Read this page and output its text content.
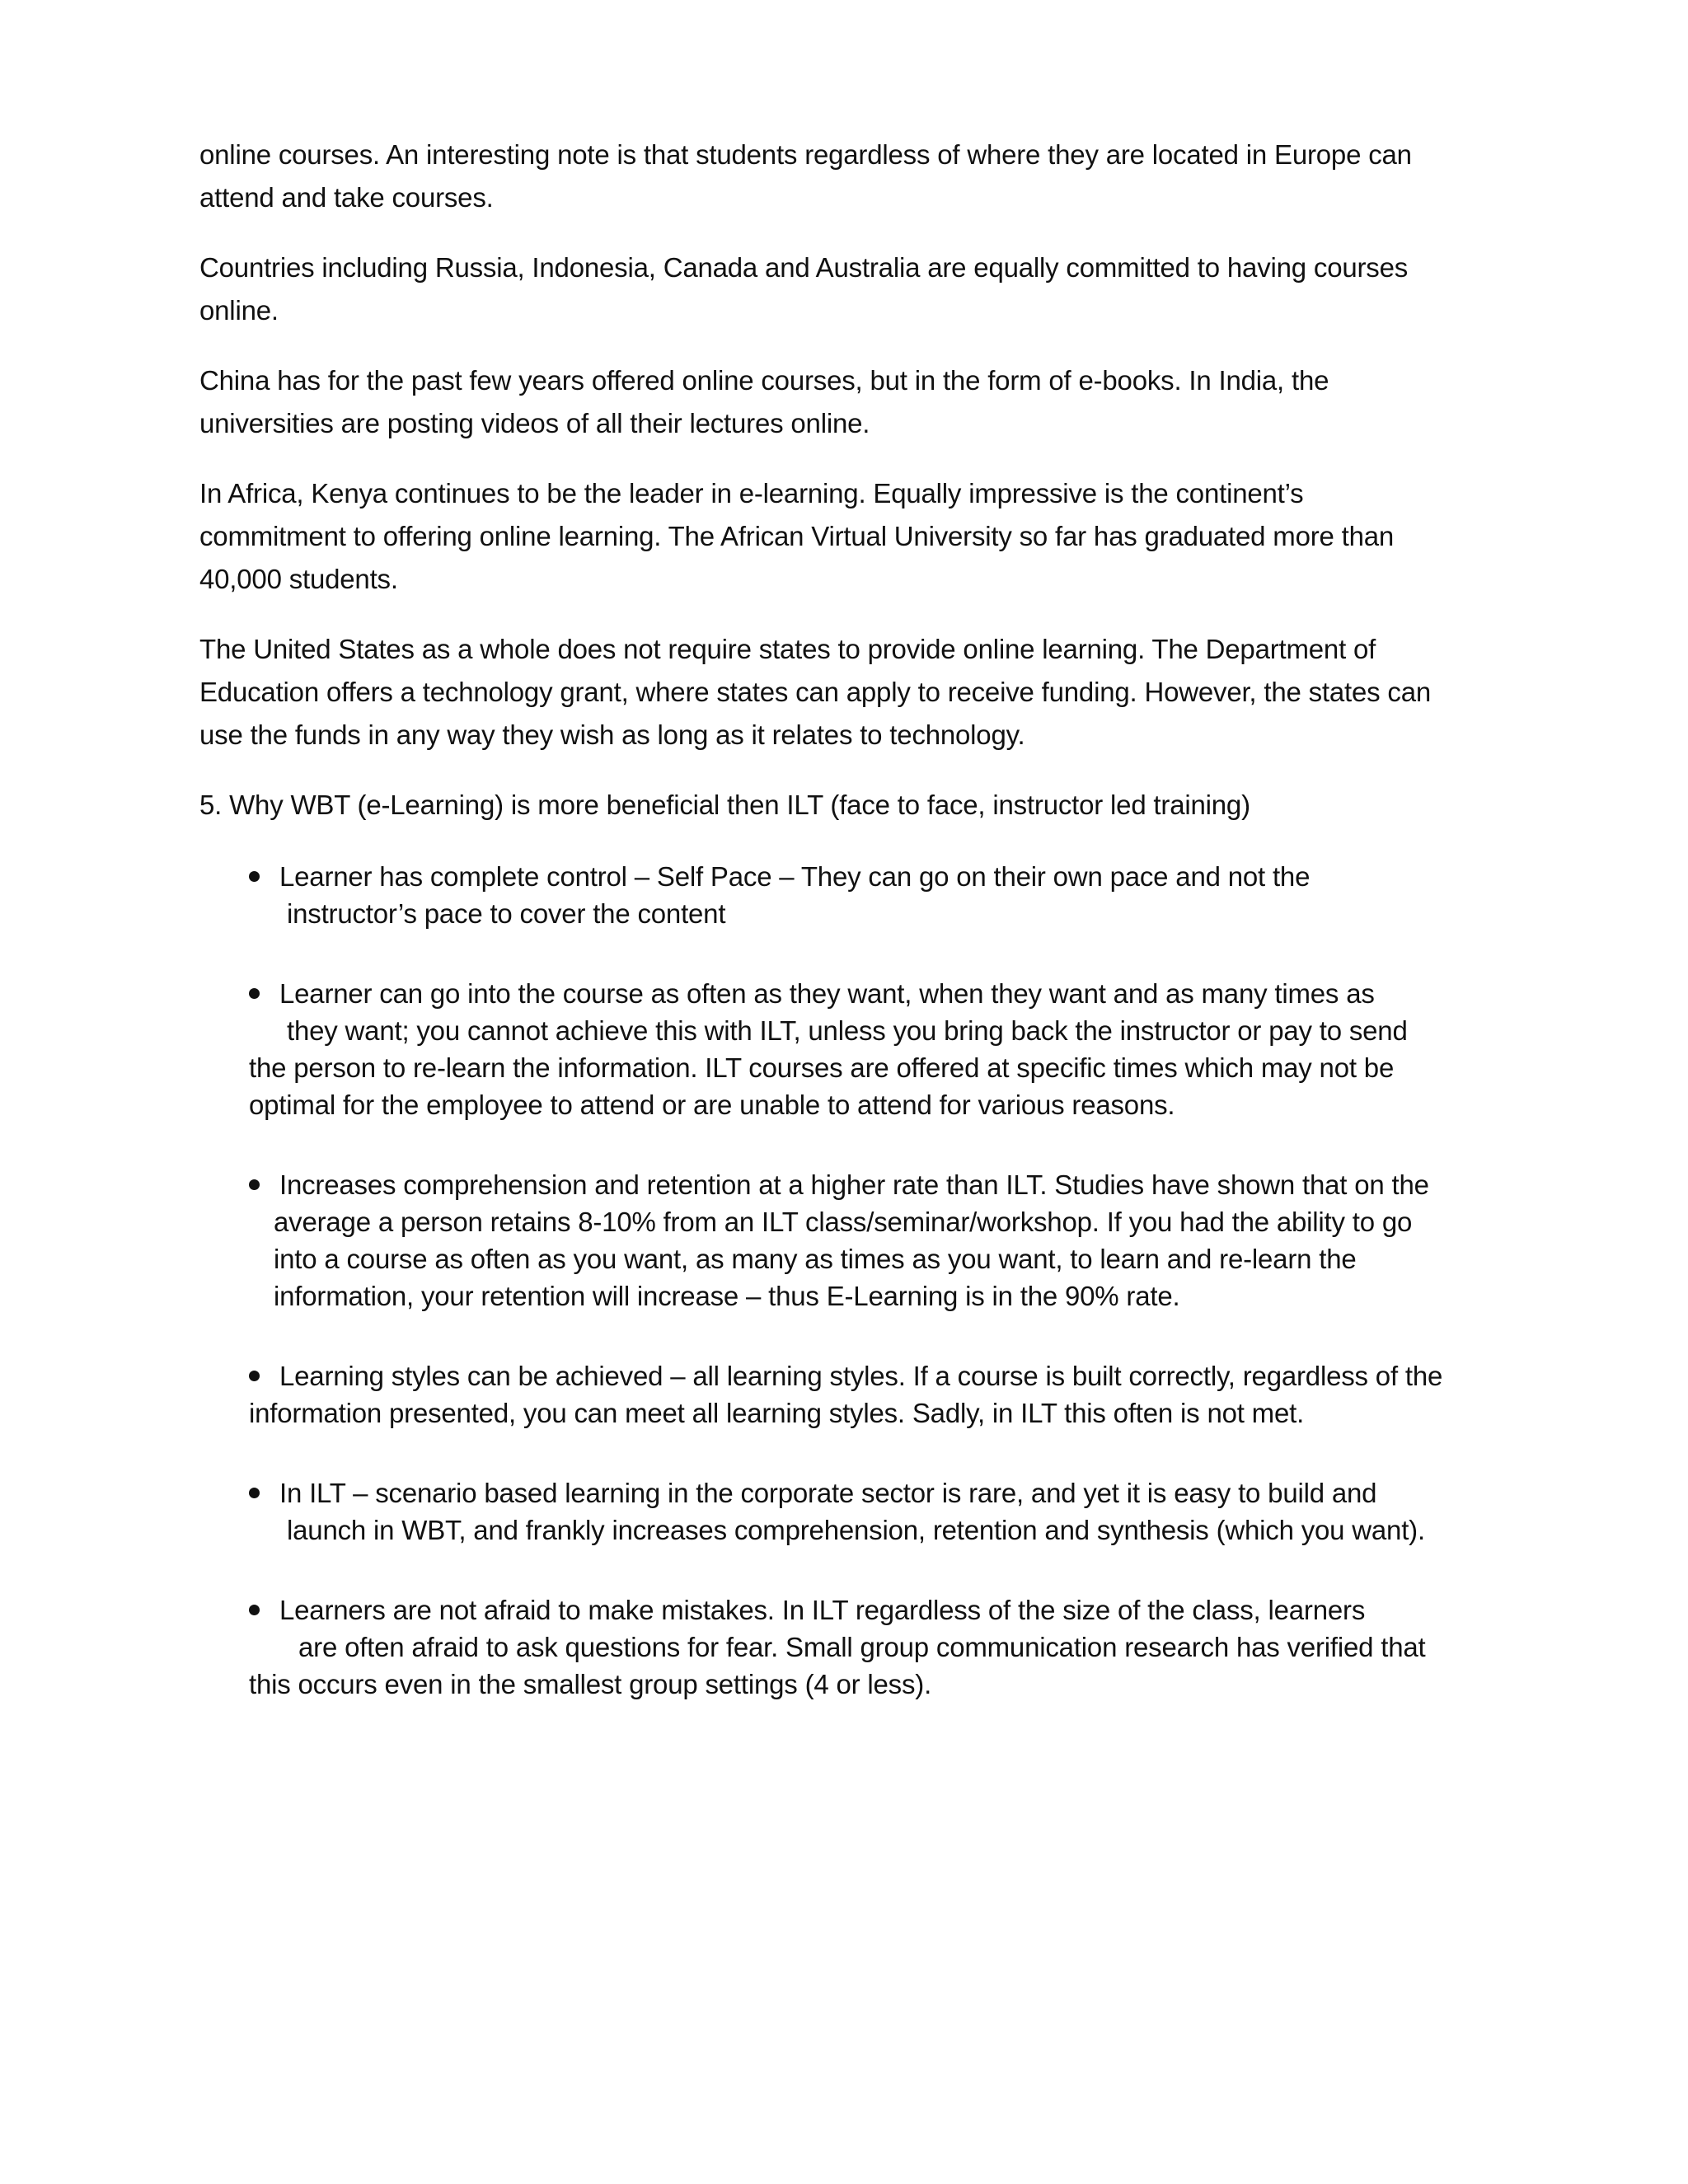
online courses. An interesting note is that students regardless of where they are located in Europe can
attend and take courses.

Countries including Russia, Indonesia, Canada and Australia are equally committed to having courses
online.

China has for the past few years offered online courses, but in the form of e-books. In India, the
universities are posting videos of all their lectures online.

In Africa, Kenya continues to be the leader in e-learning. Equally impressive is the continent’s
commitment to offering online learning. The African Virtual University so far has graduated more than
40,000 students.

The United States as a whole does not require states to provide online learning. The Department of
Education offers a technology grant, where states can apply to receive funding. However, the states can
use the funds in any way they wish as long as it relates to technology.

5. Why WBT (e-Learning) is more beneficial then ILT (face to face, instructor led training)

Learner has complete control – Self Pace – They can go on their own pace and not the
instructor’s pace to cover the content
Learner can go into the course as often as they want, when they want and as many times as
they want; you cannot achieve this with ILT, unless you bring back the instructor or pay to send
the person to re-learn the information. ILT courses are offered at specific times which may not be
optimal for the employee to attend or are unable to attend for various reasons.
Increases comprehension and retention at a higher rate than ILT. Studies have shown that on the
average a person retains 8-10% from an ILT class/seminar/workshop. If you had the ability to go
into a course as often as you want, as many as times as you want, to learn and re-learn the
information, your retention will increase – thus E-Learning is in the 90% rate.
Learning styles can be achieved – all learning styles. If a course is built correctly, regardless of the
information presented, you can meet all learning styles. Sadly, in ILT this often is not met.
In ILT – scenario based learning in the corporate sector is rare, and yet it is easy to build and
launch in WBT, and frankly increases comprehension, retention and synthesis (which you want).
Learners are not afraid to make mistakes. In ILT regardless of the size of the class, learners
are often afraid to ask questions for fear. Small group communication research has verified that
this occurs even in the smallest group settings (4 or less).
